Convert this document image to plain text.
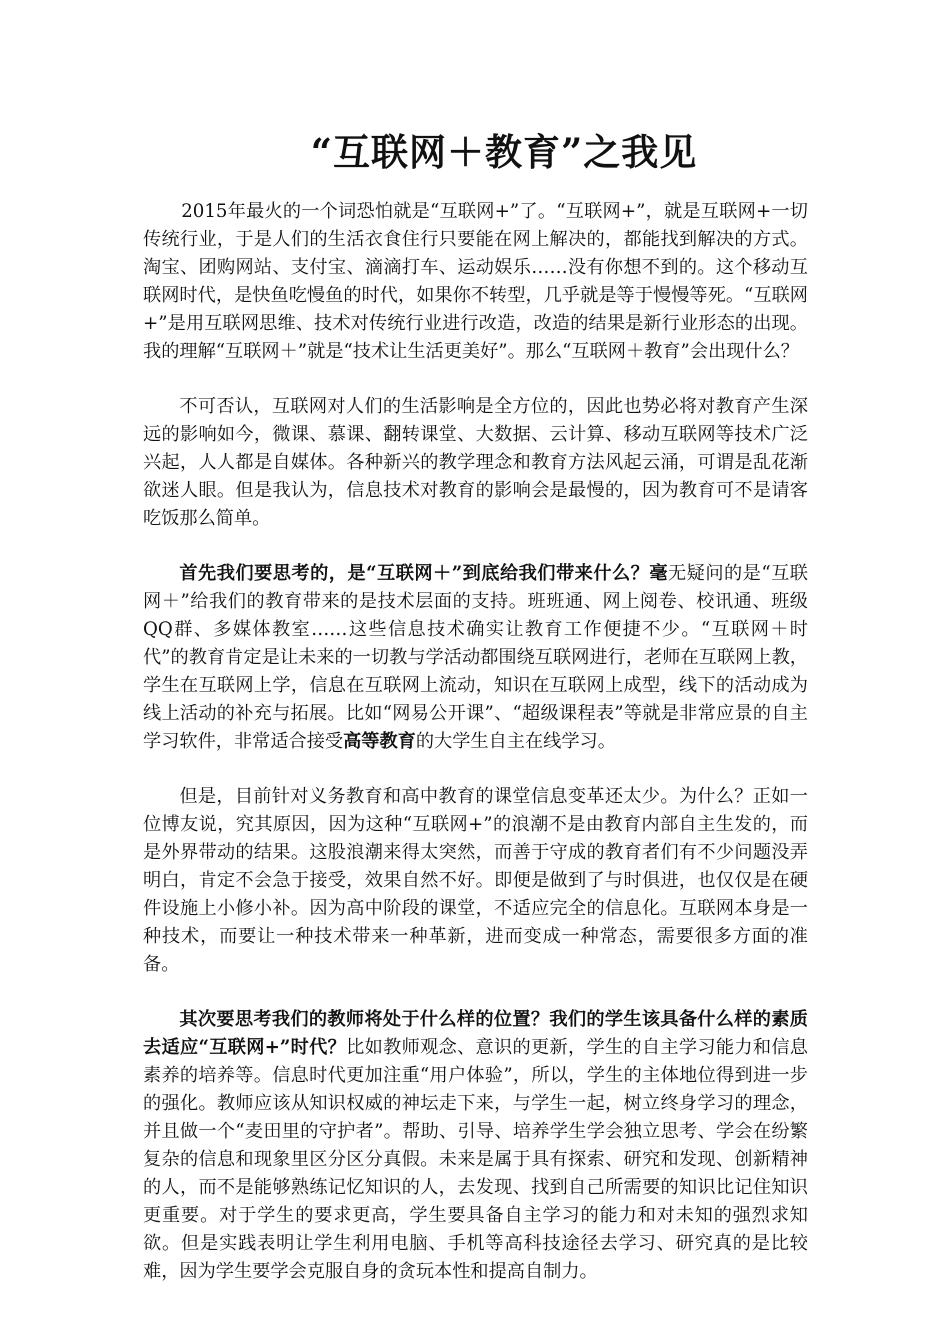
“互联网＋教育”之我见

2015年最火的一个词恐怕就是“互联网+”了。“互联网+”，就是互联网+一切传统行业，于是人们的生活衣食住行只要能在网上解决的，都能找到解决的方式。淘宝、团购网站、支付宝、滴滴打车、运动娱乐……没有你想不到的。这个移动互联网时代，是快鱼吃慢鱼的时代，如果你不转型，几乎就是等于慢慢等死。“互联网+”是用互联网思维、技术对传统行业进行改造，改造的结果是新行业形态的出现。我的理解“互联网＋”就是“技术让生活更美好”。那么“互联网＋教育”会出现什么？

不可否认，互联网对人们的生活影响是全方位的，因此也势必将对教育产生深远的影响如今，微课、慕课、翻转课堂、大数据、云计算、移动互联网等技术广泛兴起，人人都是自媒体。各种新兴的教学理念和教育方法风起云涌，可谓是乱花渐欲迷人眼。但是我认为，信息技术对教育的影响会是最慢的，因为教育可不是请客吃饭那么简单。

首先我们要思考的，是“互联网＋”到底给我们带来什么？毫无疑问的是“互联网＋”给我们的教育带来的是技术层面的支持。班班通、网上阅卷、校讯通、班级QQ群、多媒体教室……这些信息技术确实让教育工作便捷不少。“互联网＋时代”的教育肯定是让未来的一切教与学活动都围绕互联网进行，老师在互联网上教，学生在互联网上学，信息在互联网上流动，知识在互联网上成型，线下的活动成为线上活动的补充与拓展。比如“网易公开课”、“超级课程表”等就是非常应景的自主学习软件，非常适合接受高等教育的大学生自主在线学习。

但是，目前针对义务教育和高中教育的课堂信息变革还太少。为什么？正如一位博友说，究其原因，因为这种“互联网+”的浪潮不是由教育内部自主生发的，而是外界带动的结果。这股浪潮来得太突然，而善于守成的教育者们有不少问题没弄明白，肯定不会急于接受，效果自然不好。即便是做到了与时俱进，也仅仅是在硬件设施上小修小补。因为高中阶段的课堂，不适应完全的信息化。互联网本身是一种技术，而要让一种技术带来一种革新，进而变成一种常态，需要很多方面的准备。

其次要思考我们的教师将处于什么样的位置？我们的学生该具备什么样的素质去适应“互联网+”时代？比如教师观念、意识的更新，学生的自主学习能力和信息素养的培养等。信息时代更加注重“用户体验”，所以，学生的主体地位得到进一步的强化。教师应该从知识权威的神坛走下来，与学生一起，树立终身学习的理念，并且做一个“麦田里的守护者”。帮助、引导、培养学生学会独立思考、学会在纷繁复杂的信息和现象里区分区分真假。未来是属于具有探索、研究和发现、创新精神的人，而不是能够熟练记忆知识的人，去发现、找到自己所需要的知识比记住知识更重要。对于学生的要求更高，学生要具备自主学习的能力和对未知的强烈求知欲。但是实践表明让学生利用电脑、手机等高科技途径去学习、研究真的是比较难，因为学生要学会克服自身的贪玩本性和提高自制力。
